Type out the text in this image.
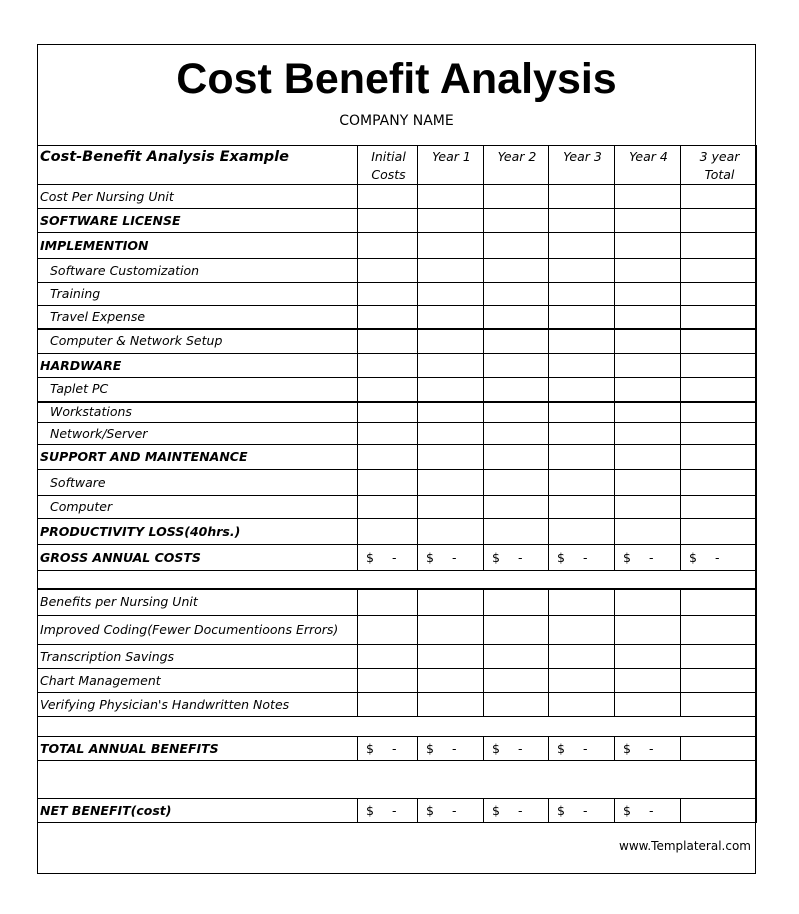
Cost Benefit Analysis
COMPANY NAME
Cost-Benefit Analysis Example	Initial Costs	Year 1	Year 2	Year 3	Year 4	3 year Total
Cost Per Nursing Unit						
SOFTWARE LICENSE						
IMPLEMENTION						
Software Customization						
Training						
Travel Expense						
Computer & Network Setup						
HARDWARE						
Taplet PC						
Workstations						
Network/Server						
SUPPORT AND MAINTENANCE						
Software						
Computer						
PRODUCTIVITY LOSS(40hrs.)						
GROSS ANNUAL COSTS	$ -	$ -	$ -	$ -	$ -	$ -

Benefits per Nursing Unit						
Improved Coding(Fewer Documentioons Errors)						
Transcription Savings						
Chart Management						
Verifying Physician's Handwritten Notes						

TOTAL ANNUAL BENEFITS	$ -	$ -	$ -	$ -	$ -	

NET BENEFIT(cost)	$ -	$ -	$ -	$ -	$ -	
www.Templateral.com
